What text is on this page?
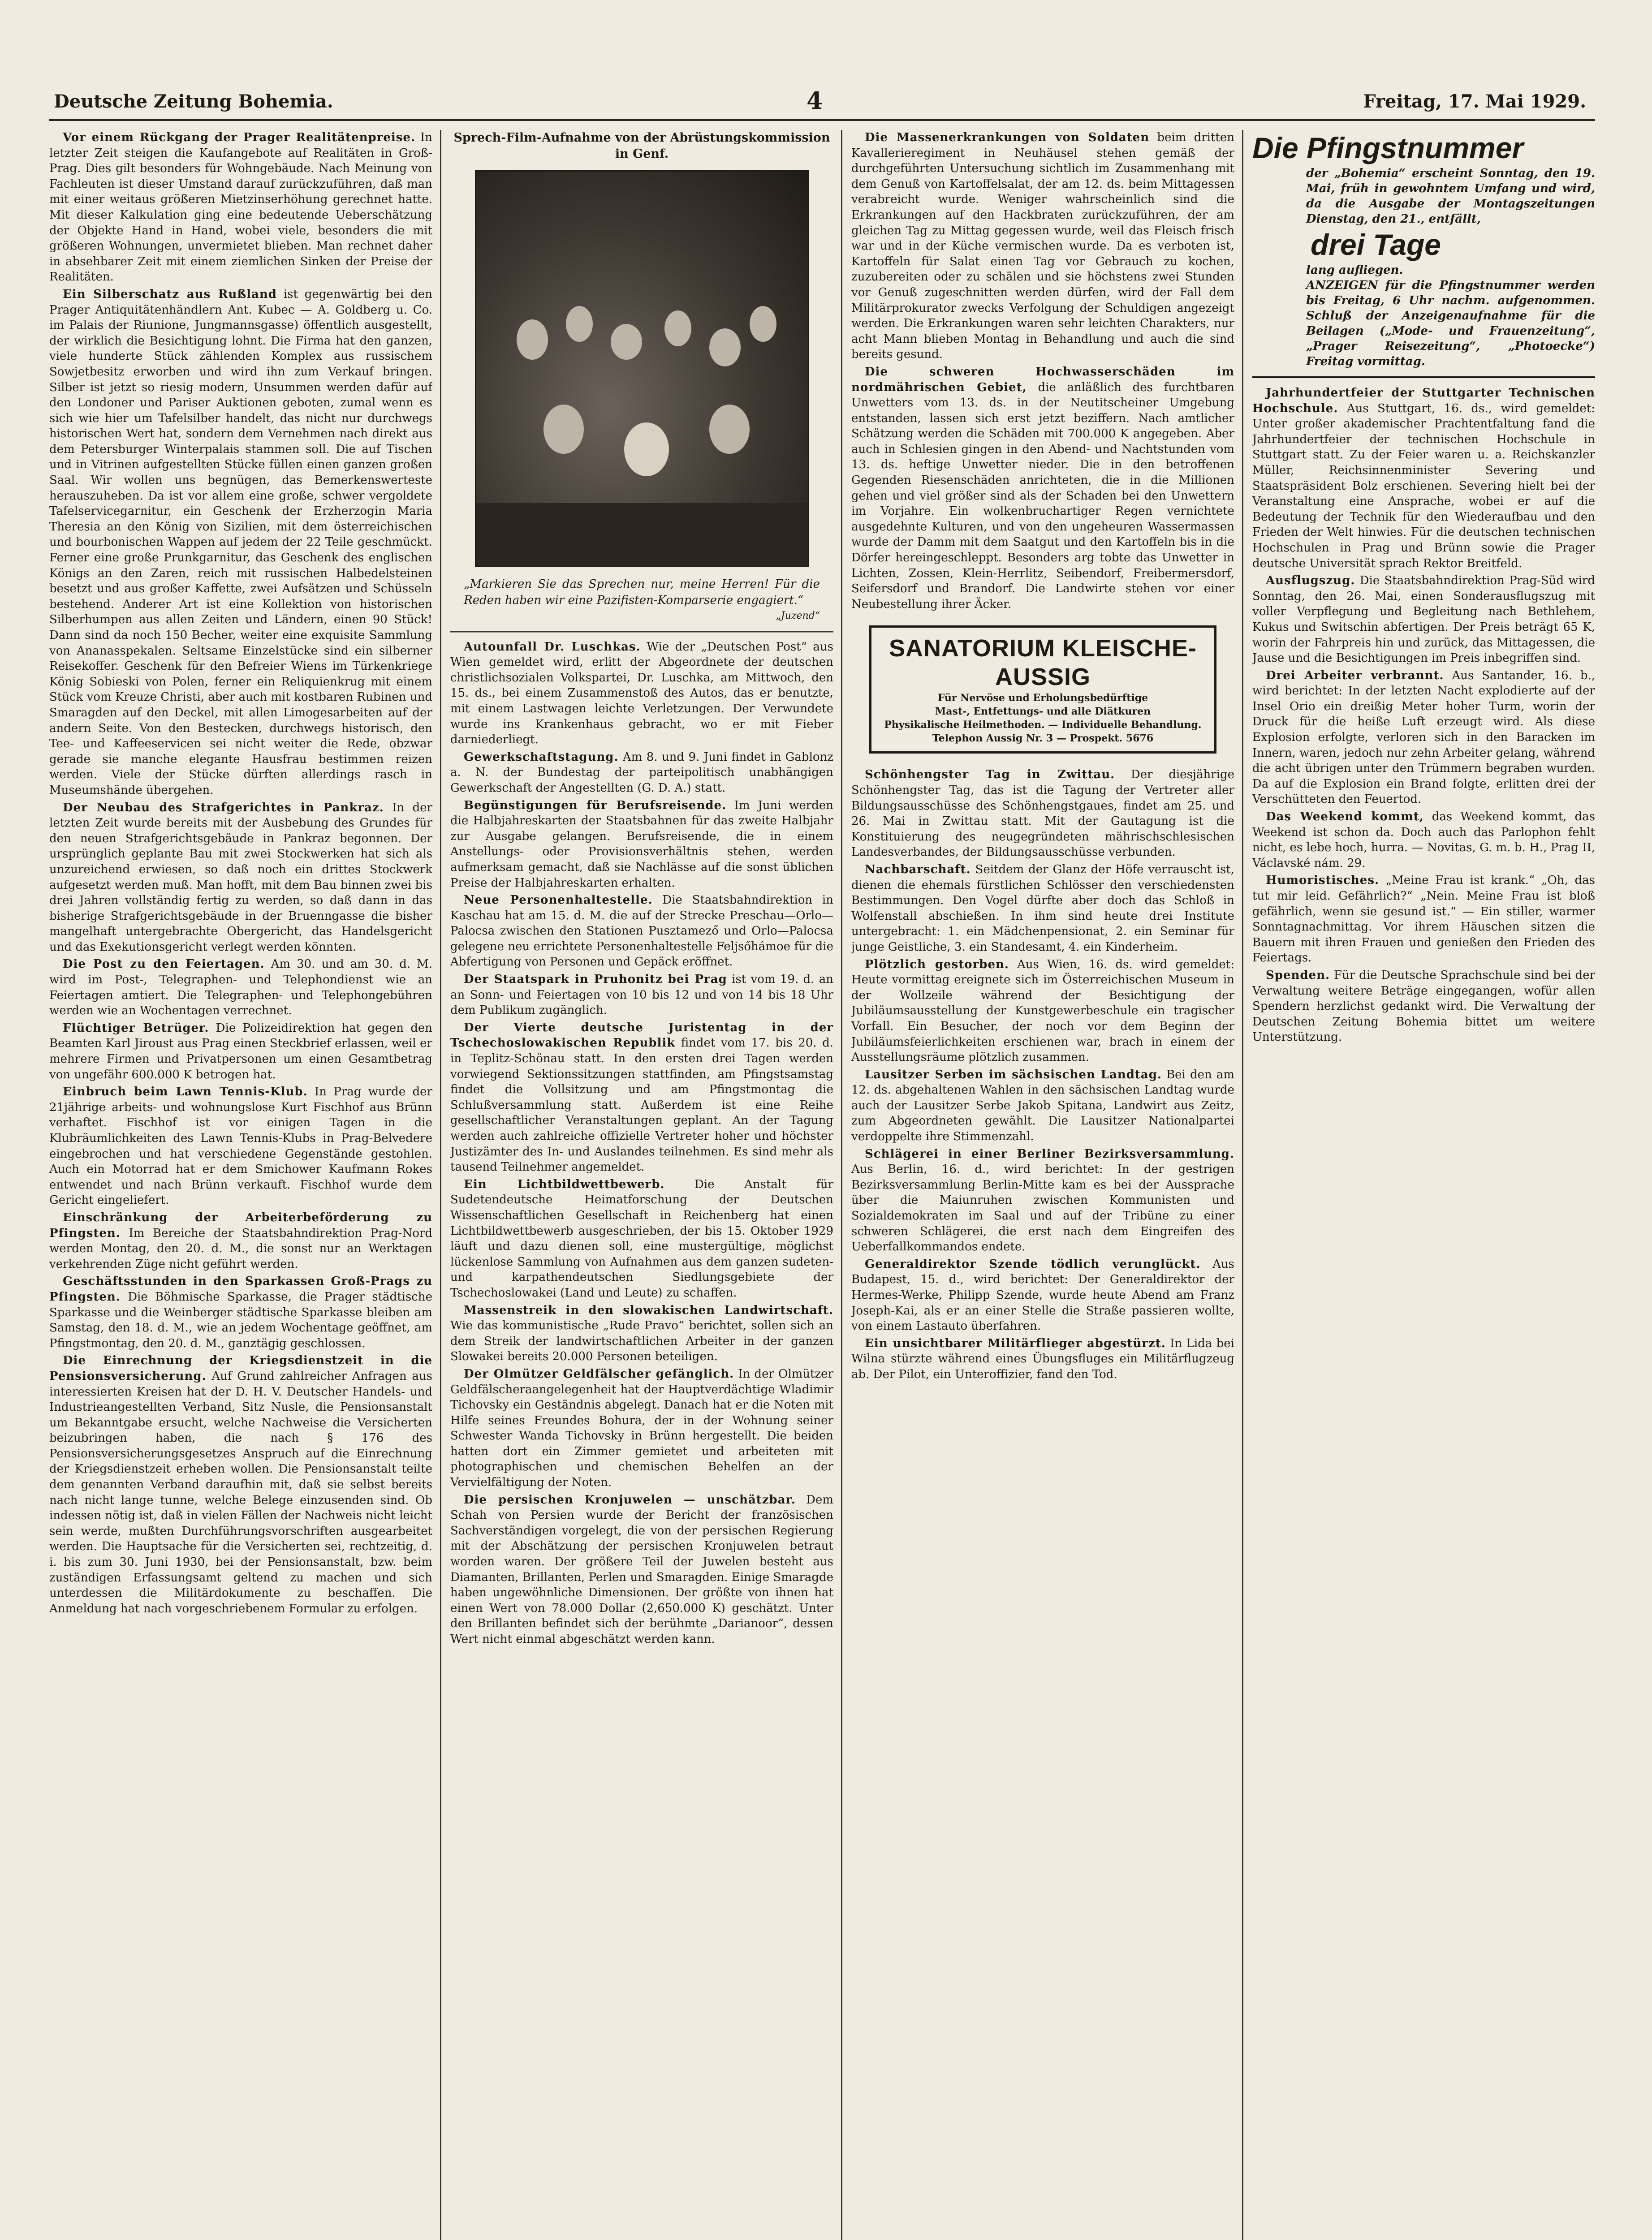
Deutsche Zeitung Bohemia.	4	Freitag, 17. Mai 1929.

Vor einem Rückgang der Prager Realitätenpreise. In letzter Zeit steigen die Kaufangebote auf Realitäten in Groß-Prag. Dies gilt besonders für Wohngebäude. Nach Meinung von Fachleuten ist dieser Umstand darauf zurückzuführen, daß man mit einer weitaus größeren Mietzinserhöhung gerechnet hatte. Mit dieser Kalkulation ging eine bedeutende Ueberschätzung der Objekte Hand in Hand, wobei viele, besonders die mit größeren Wohnungen, unvermietet blieben. Man rechnet daher in absehbarer Zeit mit einem ziemlichen Sinken der Preise der Realitäten.

Ein Silberschatz aus Rußland ist gegenwärtig bei den Prager Antiquitätenhändlern Ant. Kubec — A. Goldberg u. Co. im Palais der Riunione, Jungmannsgasse) öffentlich ausgestellt, der wirklich die Besichtigung lohnt. Die Firma hat den ganzen, viele hunderte Stück zählenden Komplex aus russischem Sowjetbesitz erworben und wird ihn zum Verkauf bringen. Silber ist jetzt so riesig modern, Unsummen werden dafür auf den Londoner und Pariser Auktionen geboten, zumal wenn es sich wie hier um Tafelsilber handelt, das nicht nur durchwegs historischen Wert hat, sondern dem Vernehmen nach direkt aus dem Petersburger Winterpalais stammen soll. Die auf Tischen und in Vitrinen aufgestellten Stücke füllen einen ganzen großen Saal. Wir wollen uns begnügen, das Bemerkenswerteste herauszuheben. Da ist vor allem eine große, schwer vergoldete Tafelservicegarnitur, ein Geschenk der Erzherzogin Maria Theresia an den König von Sizilien, mit dem österreichischen und bourbonischen Wappen auf jedem der 22 Teile geschmückt. Ferner eine große Prunkgarnitur, das Geschenk des englischen Königs an den Zaren, reich mit russischen Halbedelsteinen besetzt und aus großer Kaffette, zwei Aufsätzen und Schüsseln bestehend. Anderer Art ist eine Kollektion von historischen Silberhumpen aus allen Zeiten und Ländern, einen 90 Stück! Dann sind da noch 150 Becher, weiter eine exquisite Sammlung von Ananasspekalen. Seltsame Einzelstücke sind ein silberner Reisekoffer. Geschenk für den Befreier Wiens im Türkenkriege König Sobieski von Polen, ferner ein Reliquienkrug mit einem Stück vom Kreuze Christi, aber auch mit kostbaren Rubinen und Smaragden auf den Deckel, mit allen Limogesarbeiten auf der andern Seite. Von den Bestecken, durchwegs historisch, den Tee- und Kaffeeservicen sei nicht weiter die Rede, obzwar gerade sie manche elegante Hausfrau bestimmen reizen werden. Viele der Stücke dürften allerdings rasch in Museumshände übergehen.

Der Neubau des Strafgerichtes in Pankraz. In der letzten Zeit wurde bereits mit der Ausbebung des Grundes für den neuen Strafgerichtsgebäude in Pankraz begonnen. Der ursprünglich geplante Bau mit zwei Stockwerken hat sich als unzureichend erwiesen, so daß noch ein drittes Stockwerk aufgesetzt werden muß. Man hofft, mit dem Bau binnen zwei bis drei Jahren vollständig fertig zu werden, so daß dann in das bisherige Strafgerichtsgebäude in der Bruenngasse die bisher mangelhaft untergebrachte Obergericht, das Handelsgericht und das Exekutionsgericht verlegt werden könnten.

Die Post zu den Feiertagen. Am 30. und am 30. d. M. wird im Post-, Telegraphen- und Telephondienst wie an Feiertagen amtiert. Die Telegraphen- und Telephongebühren werden wie an Wochentagen verrechnet.

Flüchtiger Betrüger. Die Polizeidirektion hat gegen den Beamten Karl Jiroust aus Prag einen Steckbrief erlassen, weil er mehrere Firmen und Privatpersonen um einen Gesamtbetrag von ungefähr 600.000 K betrogen hat.

Einbruch beim Lawn Tennis-Klub. In Prag wurde der 21jährige arbeits- und wohnungslose Kurt Fischhof aus Brünn verhaftet. Fischhof ist vor einigen Tagen in die Klubräumlichkeiten des Lawn Tennis-Klubs in Prag-Belvedere eingebrochen und hat verschiedene Gegenstände gestohlen. Auch ein Motorrad hat er dem Smichower Kaufmann Rokes entwendet und nach Brünn verkauft. Fischhof wurde dem Gericht eingeliefert.

Einschränkung der Arbeiterbeförderung zu Pfingsten. Im Bereiche der Staatsbahndirektion Prag-Nord werden Montag, den 20. d. M., die sonst nur an Werktagen verkehrenden Züge nicht geführt werden.

Geschäftsstunden in den Sparkassen Groß-Prags zu Pfingsten. Die Böhmische Sparkasse, die Prager städtische Sparkasse und die Weinberger städtische Sparkasse bleiben am Samstag, den 18. d. M., wie an jedem Wochentage geöffnet, am Pfingstmontag, den 20. d. M., ganztägig geschlossen.

Die Einrechnung der Kriegsdienstzeit in die Pensionsversicherung. Auf Grund zahlreicher Anfragen aus interessierten Kreisen hat der D. H. V. Deutscher Handels- und Industrieangestellten Verband, Sitz Nusle, die Pensionsanstalt um Bekanntgabe ersucht, welche Nachweise die Versicherten beizubringen haben, die nach § 176 des Pensionsversicherungsgesetzes Anspruch auf die Einrechnung der Kriegsdienstzeit erheben wollen. Die Pensionsanstalt teilte dem genannten Verband daraufhin mit, daß sie selbst bereits nach nicht lange tunne, welche Belege einzusenden sind. Ob indessen nötig ist, daß in vielen Fällen der Nachweis nicht leicht sein werde, mußten Durchführungsvorschriften ausgearbeitet werden. Die Hauptsache für die Versicherten sei, rechtzeitig, d. i. bis zum 30. Juni 1930, bei der Pensionsanstalt, bzw. beim zuständigen Erfassungsamt geltend zu machen und sich unterdessen die Militärdokumente zu beschaffen. Die Anmeldung hat nach vorgeschriebenem Formular zu erfolgen.

Sprech-Film-Aufnahme von der Abrüstungskommission in Genf.
„Markieren Sie das Sprechen nur, meine Herren! Für die Reden haben wir eine Pazifisten-Komparserie engagiert.“
„Juzend“

Autounfall Dr. Luschkas. Wie der „Deutschen Post“ aus Wien gemeldet wird, erlitt der Abgeordnete der deutschen christlichsozialen Volkspartei, Dr. Luschka, am Mittwoch, den 15. ds., bei einem Zusammenstoß des Autos, das er benutzte, mit einem Lastwagen leichte Verletzungen. Der Verwundete wurde ins Krankenhaus gebracht, wo er mit Fieber darniederliegt.

Gewerkschaftstagung. Am 8. und 9. Juni findet in Gablonz a. N. der Bundestag der parteipolitisch unabhängigen Gewerkschaft der Angestellten (G. D. A.) statt.

Begünstigungen für Berufsreisende. Im Juni werden die Halbjahreskarten der Staatsbahnen für das zweite Halbjahr zur Ausgabe gelangen. Berufsreisende, die in einem Anstellungs- oder Provisionsverhältnis stehen, werden aufmerksam gemacht, daß sie Nachlässe auf die sonst üblichen Preise der Halbjahreskarten erhalten.

Neue Personenhaltestelle. Die Staatsbahndirektion in Kaschau hat am 15. d. M. die auf der Strecke Preschau—Orlo—Palocsa zwischen den Stationen Pusztamező und Orlo—Palocsa gelegene neu errichtete Personenhaltestelle Feljsőhámoe für die Abfertigung von Personen und Gepäck eröffnet.

Der Staatspark in Pruhonitz bei Prag ist vom 19. d. an an Sonn- und Feiertagen von 10 bis 12 und von 14 bis 18 Uhr dem Publikum zugänglich.

Der Vierte deutsche Juristentag in der Tschechoslowakischen Republik findet vom 17. bis 20. d. in Teplitz-Schönau statt. In den ersten drei Tagen werden vorwiegend Sektionssitzungen stattfinden, am Pfingstsamstag findet die Vollsitzung und am Pfingstmontag die Schlußversammlung statt. Außerdem ist eine Reihe gesellschaftlicher Veranstaltungen geplant. An der Tagung werden auch zahlreiche offizielle Vertreter hoher und höchster Justizämter des In- und Auslandes teilnehmen. Es sind mehr als tausend Teilnehmer angemeldet.

Ein Lichtbildwettbewerb.	Die Anstalt für Sudetendeutsche Heimatforschung der Deutschen Wissenschaftlichen Gesellschaft in Reichenberg hat einen Lichtbildwettbewerb ausgeschrieben, der bis 15. Oktober 1929 läuft und dazu dienen soll, eine mustergültige, möglichst lückenlose Sammlung von Aufnahmen aus dem ganzen sudeten- und karpathendeutschen Siedlungsgebiete der Tschechoslowakei (Land und Leute) zu schaffen.

Massenstreik in den slowakischen Landwirtschaft. Wie das kommunistische „Rude Pravo“ berichtet, sollen sich an dem Streik der landwirtschaftlichen Arbeiter in der ganzen Slowakei bereits 20.000 Personen beteiligen.

Der Olmützer Geldfälscher gefänglich. In der Olmützer Geldfälscheraangelegenheit hat der Hauptverdächtige Wladimir Tichovsky ein Geständnis abgelegt. Danach hat er die Noten mit Hilfe seines Freundes Bohura, der in der Wohnung seiner Schwester Wanda Tichovsky in Brünn hergestellt. Die beiden hatten dort ein Zimmer gemietet und arbeiteten mit photographischen und chemischen Behelfen an der Vervielfältigung der Noten.

Die persischen Kronjuwelen — unschätzbar. Dem Schah von Persien wurde der Bericht der französischen Sachverständigen vorgelegt, die von der persischen Regierung mit der Abschätzung der persischen Kronjuwelen betraut worden waren. Der größere Teil der Juwelen besteht aus Diamanten, Brillanten, Perlen und Smaragden. Einige Smaragde haben ungewöhnliche Dimensionen. Der größte von ihnen hat einen Wert von 78.000 Dollar (2,650.000 K) geschätzt. Unter den Brillanten befindet sich der berühmte „Darianoor“, dessen Wert nicht einmal abgeschätzt werden kann.

Die Massenerkrankungen von Soldaten beim dritten Kavallerieregiment in Neuhäusel stehen gemäß der durchgeführten Untersuchung sichtlich im Zusammenhang mit dem Genuß von Kartoffelsalat, der am 12. ds. beim Mittagessen verabreicht wurde. Weniger wahrscheinlich sind die Erkrankungen auf den Hackbraten zurückzuführen, der am gleichen Tag zu Mittag gegessen wurde, weil das Fleisch frisch war und in der Küche vermischen wurde. Da es verboten ist, Kartoffeln für Salat einen Tag vor Gebrauch zu kochen, zuzubereiten oder zu schälen und sie höchstens zwei Stunden vor Genuß zugeschnitten werden dürfen, wird der Fall dem Militärprokurator zwecks Verfolgung der Schuldigen angezeigt werden. Die Erkrankungen waren sehr leichten Charakters, nur acht Mann blieben Montag in Behandlung und auch die sind bereits gesund.

Die schweren Hochwasserschäden im nordmährischen Gebiet, die anläßlich des furchtbaren Unwetters vom 13. ds. in der Neutitscheiner Umgebung entstanden, lassen sich erst jetzt beziffern. Nach amtlicher Schätzung werden die Schäden mit 700.000 K angegeben. Aber auch in Schlesien gingen in den Abend- und Nachtstunden vom 13. ds. heftige Unwetter nieder. Die in den betroffenen Gegenden Riesenschäden anrichteten, die in die Millionen gehen und viel größer sind als der Schaden bei den Unwettern im Vorjahre. Ein wolkenbruchartiger Regen vernichtete ausgedehnte Kulturen, und von den ungeheuren Wassermassen wurde der Damm mit dem Saatgut und den Kartoffeln bis in die Dörfer hereingeschleppt. Besonders arg tobte das Unwetter in Lichten, Zossen, Klein-Herrlitz, Seibendorf, Freibermersdorf, Seifersdorf und Brandorf. Die Landwirte stehen vor einer Neubestellung ihrer Äcker.

SANATORIUM KLEISCHE-AUSSIG
Für Nervöse und Erholungsbedürftige
Mast-, Entfettungs- und alle Diätkuren
Physikalische Heilmethoden. — Individuelle Behandlung.
Telephon Aussig Nr. 3 — Prospekt. 5676

Schönhengster Tag in Zwittau. Der diesjährige Schönhengster Tag, das ist die Tagung der Vertreter aller Bildungsausschüsse des Schönhengstgaues, findet am 25. und 26. Mai in Zwittau statt. Mit der Gautagung ist die Konstituierung des neugegründeten mährischschlesischen Landesverbandes, der Bildungsausschüsse verbunden.

Nachbarschaft. Seitdem der Glanz der Höfe verrauscht ist, dienen die ehemals fürstlichen Schlösser den verschiedensten Bestimmungen. Den Vogel dürfte aber doch das Schloß in Wolfenstall abschießen. In ihm sind heute drei Institute untergebracht: 1. ein Mädchenpensionat, 2. ein Seminar für junge Geistliche, 3. ein Standesamt, 4. ein Kinderheim.

Plötzlich gestorben. Aus Wien, 16. ds. wird gemeldet: Heute vormittag ereignete sich im Österreichischen Museum in der Wollzeile während der Besichtigung der Jubiläumsausstellung der Kunstgewerbeschule ein tragischer Vorfall. Ein Besucher, der noch vor dem Beginn der Jubiläumsfeierlichkeiten erschienen war, brach in einem der Ausstellungsräume plötzlich zusammen.

Lausitzer Serben im sächsischen Landtag. Bei den am 12. ds. abgehaltenen Wahlen in den sächsischen Landtag wurde auch der Lausitzer Serbe Jakob Spitana, Landwirt aus Zeitz, zum Abgeordneten gewählt. Die Lausitzer Nationalpartei verdoppelte ihre Stimmenzahl.

Schlägerei in einer Berliner Bezirksversammlung. Aus Berlin, 16. d., wird berichtet: In der gestrigen Bezirksversammlung Berlin-Mitte kam es bei der Aussprache über die Maiunruhen zwischen Kommunisten und Sozialdemokraten im Saal und auf der Tribüne zu einer schweren Schlägerei, die erst nach dem Eingreifen des Ueberfallkommandos endete.

Generaldirektor Szende tödlich verunglückt. Aus Budapest, 15. d., wird berichtet: Der Generaldirektor der Hermes-Werke, Philipp Szende, wurde heute Abend am Franz Joseph-Kai, als er an einer Stelle die Straße passieren wollte, von einem Lastauto überfahren.

Ein unsichtbarer Militärflieger abgestürzt. In Lida bei Wilna stürzte während eines Übungsfluges ein Militärflugzeug ab. Der Pilot, ein Unteroffizier, fand den Tod.

Die Pfingstnummer
der „Bohemia“ erscheint Sonntag, den 19. Mai, früh in gewohntem Umfang und wird, da die Ausgabe der Montagszeitungen Dienstag, den 21., entfällt,
drei Tage
lang aufliegen.
ANZEIGEN für die Pfingstnummer werden bis Freitag, 6 Uhr nachm. aufgenommen. Schluß der Anzeigenaufnahme für die Beilagen („Mode- und Frauenzeitung“, „Prager Reisezeitung“, „Photoecke“) Freitag vormittag.

Jahrhundertfeier der Stuttgarter Technischen Hochschule. Aus Stuttgart, 16. ds., wird gemeldet: Unter großer akademischer Prachtentfaltung fand die Jahrhundertfeier der technischen Hochschule in Stuttgart statt. Zu der Feier waren u. a. Reichskanzler Müller, Reichsinnenminister Severing und Staatspräsident Bolz erschienen. Severing hielt bei der Veranstaltung eine Ansprache, wobei er auf die Bedeutung der Technik für den Wiederaufbau und den Frieden der Welt hinwies. Für die deutschen technischen Hochschulen in Prag und Brünn sowie die Prager deutsche Universität sprach Rektor Breitfeld.

Ausflugszug. Die Staatsbahndirektion Prag-Süd wird Sonntag, den 26. Mai, einen Sonderausflugszug mit voller Verpflegung und Begleitung nach Bethlehem, Kukus und Switschin abfertigen. Der Preis beträgt 65 K, worin der Fahrpreis hin und zurück, das Mittagessen, die Jause und die Besichtigungen im Preis inbegriffen sind.

Drei Arbeiter verbrannt. Aus Santander, 16. b., wird berichtet: In der letzten Nacht explodierte auf der Insel Orio ein dreißig Meter hoher Turm, worin der Druck für die heiße Luft erzeugt wird. Als diese Explosion erfolgte, verloren sich in den Baracken im Innern, waren, jedoch nur zehn Arbeiter gelang, während die acht übrigen unter den Trümmern begraben wurden. Da auf die Explosion ein Brand folgte, erlitten drei der Verschütteten den Feuertod.

Das Weekend kommt, das Weekend kommt, das Weekend ist schon da. Doch auch das Parlophon fehlt nicht, es lebe hoch, hurra. — Novitas, G. m. b. H., Prag II, Václavské nám. 29.

Humoristisches. „Meine Frau ist krank.“ „Oh, das tut mir leid. Gefährlich?“ „Nein. Meine Frau ist bloß gefährlich, wenn sie gesund ist.“ — Ein stiller, warmer Sonntagnachmittag. Vor ihrem Häuschen sitzen die Bauern mit ihren Frauen und genießen den Frieden des Feiertags.

Spenden. Für die Deutsche Sprachschule sind bei der Verwaltung weitere Beträge eingegangen, wofür allen Spendern herzlichst gedankt wird. Die Verwaltung der Deutschen Zeitung Bohemia bittet um weitere Unterstützung.
